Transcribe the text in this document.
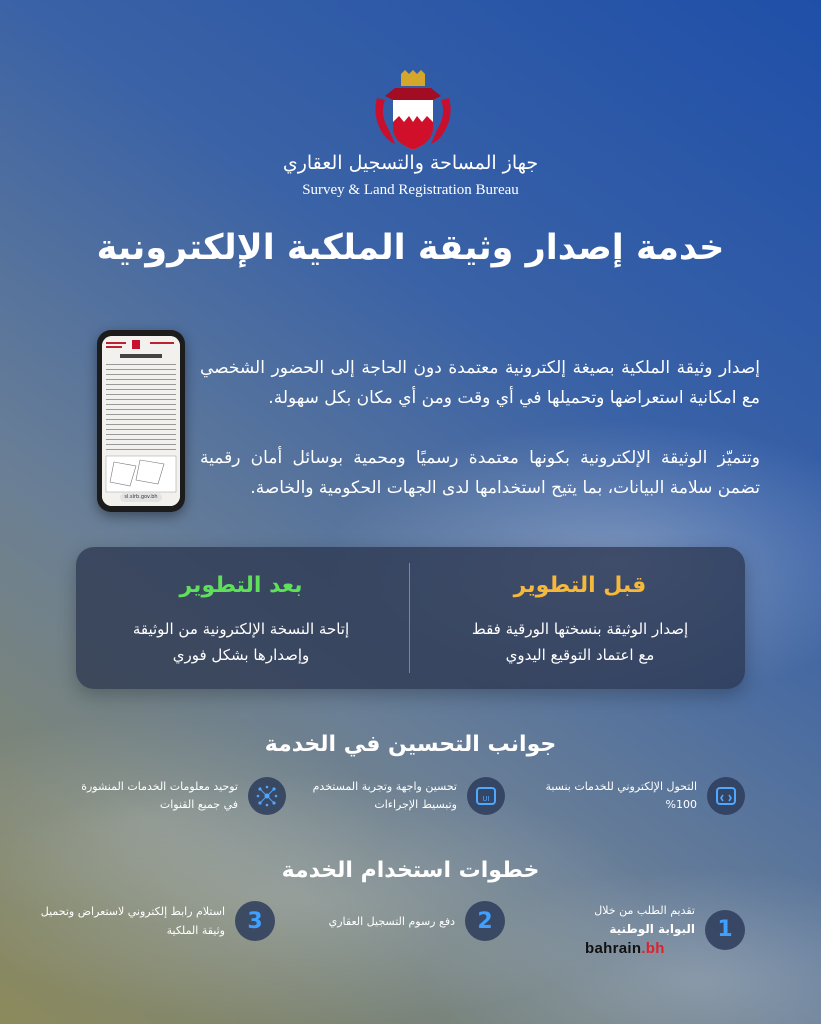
جهاز المساحة والتسجيل العقاري
Survey & Land Registration Bureau
خدمة إصدار وثيقة الملكية الإلكترونية
sl.slrb.gov.bh

إصدار وثيقة الملكية بصيغة إلكترونية معتمدة دون الحاجة إلى الحضور الشخصي مع امكانية استعراضها وتحميلها في أي وقت ومن أي مكان بكل سهولة.

وتتميّز الوثيقة الإلكترونية بكونها معتمدة رسميًا ومحمية بوسائل أمان رقمية تضمن سلامة البيانات، بما يتيح استخدامها لدى الجهات الحكومية والخاصة.

قبل التطوير

إصدار الوثيقة بنسختها الورقية فقط
مع اعتماد التوقيع اليدوي

بعد التطوير

إتاحة النسخة الإلكترونية من الوثيقة
وإصدارها بشكل فوري

جوانب التحسين في الخدمة
التحول الإلكتروني للخدمات بنسبة 100%
UI
تحسين واجهة وتجربة المستخدم وتبسيط الإجراءات
توحيد معلومات الخدمات المنشورة في جميع القنوات
خطوات استخدام الخدمة
1
تقديم الطلب من خلال
البوابة الوطنية
bahrain.bh
2
دفع رسوم التسجيل العقاري
3
استلام رابط إلكتروني لاستعراض وتحميل وثيقة الملكية
